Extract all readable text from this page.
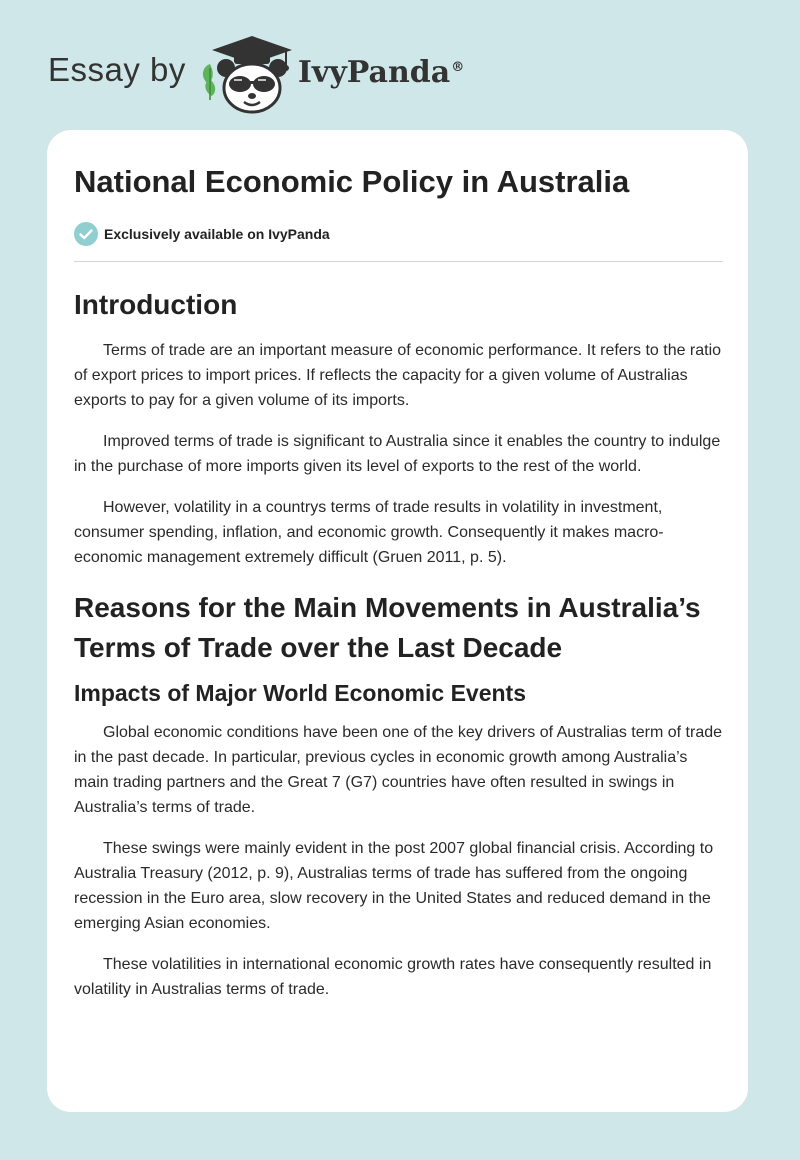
Essay by	IvyPanda®
National Economic Policy in Australia
Exclusively available on IvyPanda
Introduction

Terms of trade are an important measure of economic performance. It refers to the ratio of export prices to import prices. If reflects the capacity for a given volume of Australias exports to pay for a given volume of its imports.

Improved terms of trade is significant to Australia since it enables the country to indulge in the purchase of more imports given its level of exports to the rest of the world.

However, volatility in a countrys terms of trade results in volatility in investment, consumer spending, inflation, and economic growth. Consequently it makes macro-economic management extremely difficult (Gruen 2011, p. 5).

Reasons for the Main Movements in Australia’s Terms of Trade over the Last Decade
Impacts of Major World Economic Events

Global economic conditions have been one of the key drivers of Australias term of trade in the past decade. In particular, previous cycles in economic growth among Australia’s main trading partners and the Great 7 (G7) countries have often resulted in swings in Australia’s terms of trade.

These swings were mainly evident in the post 2007 global financial crisis. According to Australia Treasury (2012, p. 9), Australias terms of trade has suffered from the ongoing recession in the Euro area, slow recovery in the United States and reduced demand in the emerging Asian economies.

These volatilities in international economic growth rates have consequently resulted in volatility in Australias terms of trade.
